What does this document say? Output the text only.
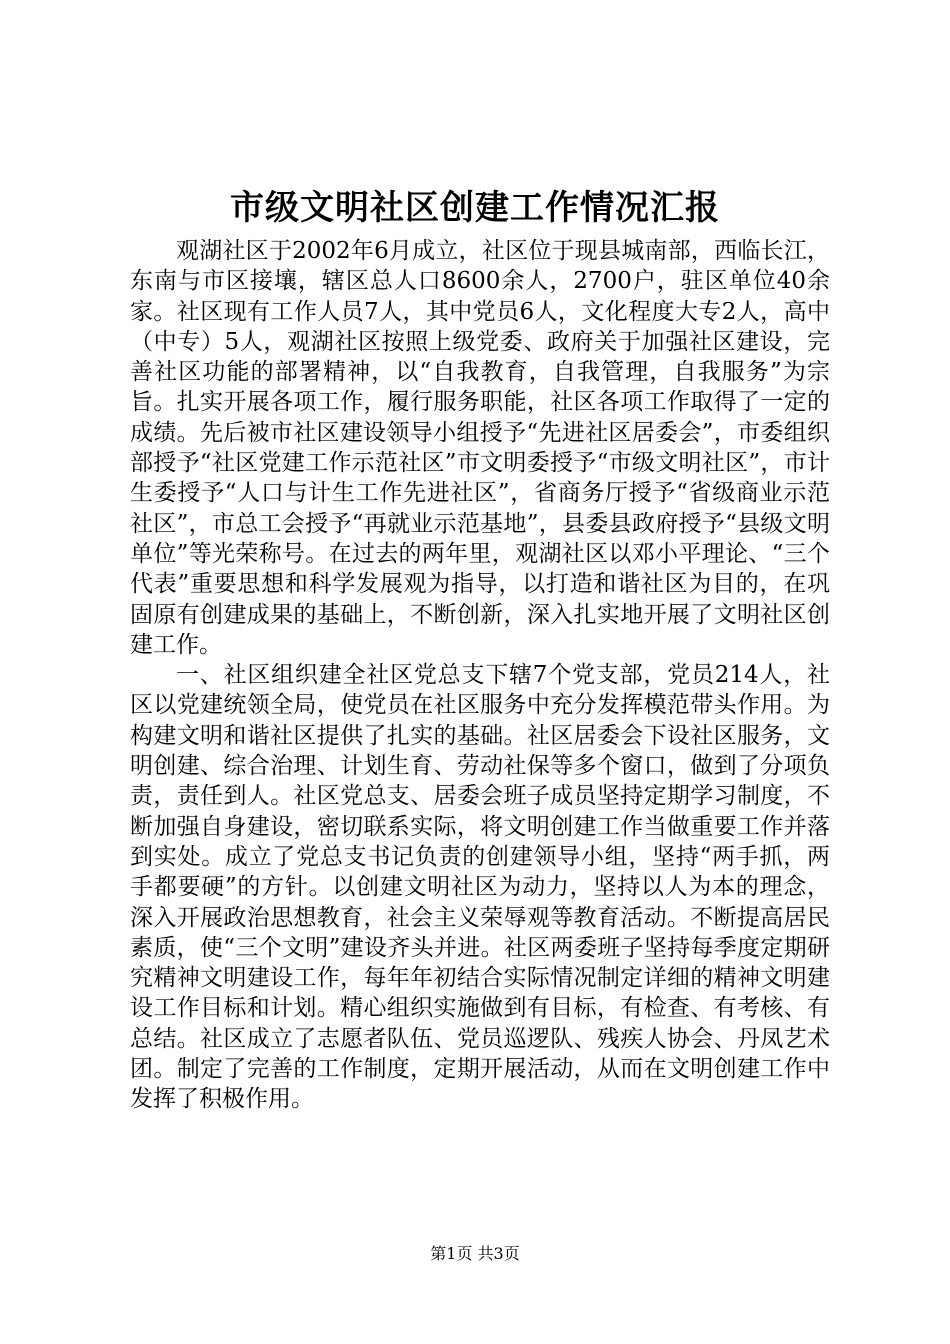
市级文明社区创建工作情况汇报

观湖社区于2002年6月成立，社区位于现县城南部，西临长江，东南与市区接壤，辖区总人口8600余人，2700户，驻区单位40余家。社区现有工作人员7人，其中党员6人，文化程度大专2人，高中（中专）5人，观湖社区按照上级党委、政府关于加强社区建设，完善社区功能的部署精神，以“自我教育，自我管理，自我服务”为宗旨。扎实开展各项工作，履行服务职能，社区各项工作取得了一定的成绩。先后被市社区建设领导小组授予“先进社区居委会”，市委组织部授予“社区党建工作示范社区”市文明委授予“市级文明社区”，市计生委授予“人口与计生工作先进社区”，省商务厅授予“省级商业示范社区”，市总工会授予“再就业示范基地”，县委县政府授予“县级文明单位”等光荣称号。在过去的两年里，观湖社区以邓小平理论、“三个代表”重要思想和科学发展观为指导，以打造和谐社区为目的，在巩固原有创建成果的基础上，不断创新，深入扎实地开展了文明社区创建工作。

一、社区组织建全社区党总支下辖7个党支部，党员214人，社区以党建统领全局，使党员在社区服务中充分发挥模范带头作用。为构建文明和谐社区提供了扎实的基础。社区居委会下设社区服务，文明创建、综合治理、计划生育、劳动社保等多个窗口，做到了分项负责，责任到人。社区党总支、居委会班子成员坚持定期学习制度，不断加强自身建设，密切联系实际，将文明创建工作当做重要工作并落到实处。成立了党总支书记负责的创建领导小组，坚持“两手抓，两手都要硬”的方针。以创建文明社区为动力，坚持以人为本的理念，深入开展政治思想教育，社会主义荣辱观等教育活动。不断提高居民素质，使“三个文明”建设齐头并进。社区两委班子坚持每季度定期研究精神文明建设工作，每年年初结合实际情况制定详细的精神文明建设工作目标和计划。精心组织实施做到有目标，有检查、有考核、有总结。社区成立了志愿者队伍、党员巡逻队、残疾人协会、丹凤艺术团。制定了完善的工作制度，定期开展活动，从而在文明创建工作中发挥了积极作用。

第1页 共3页
